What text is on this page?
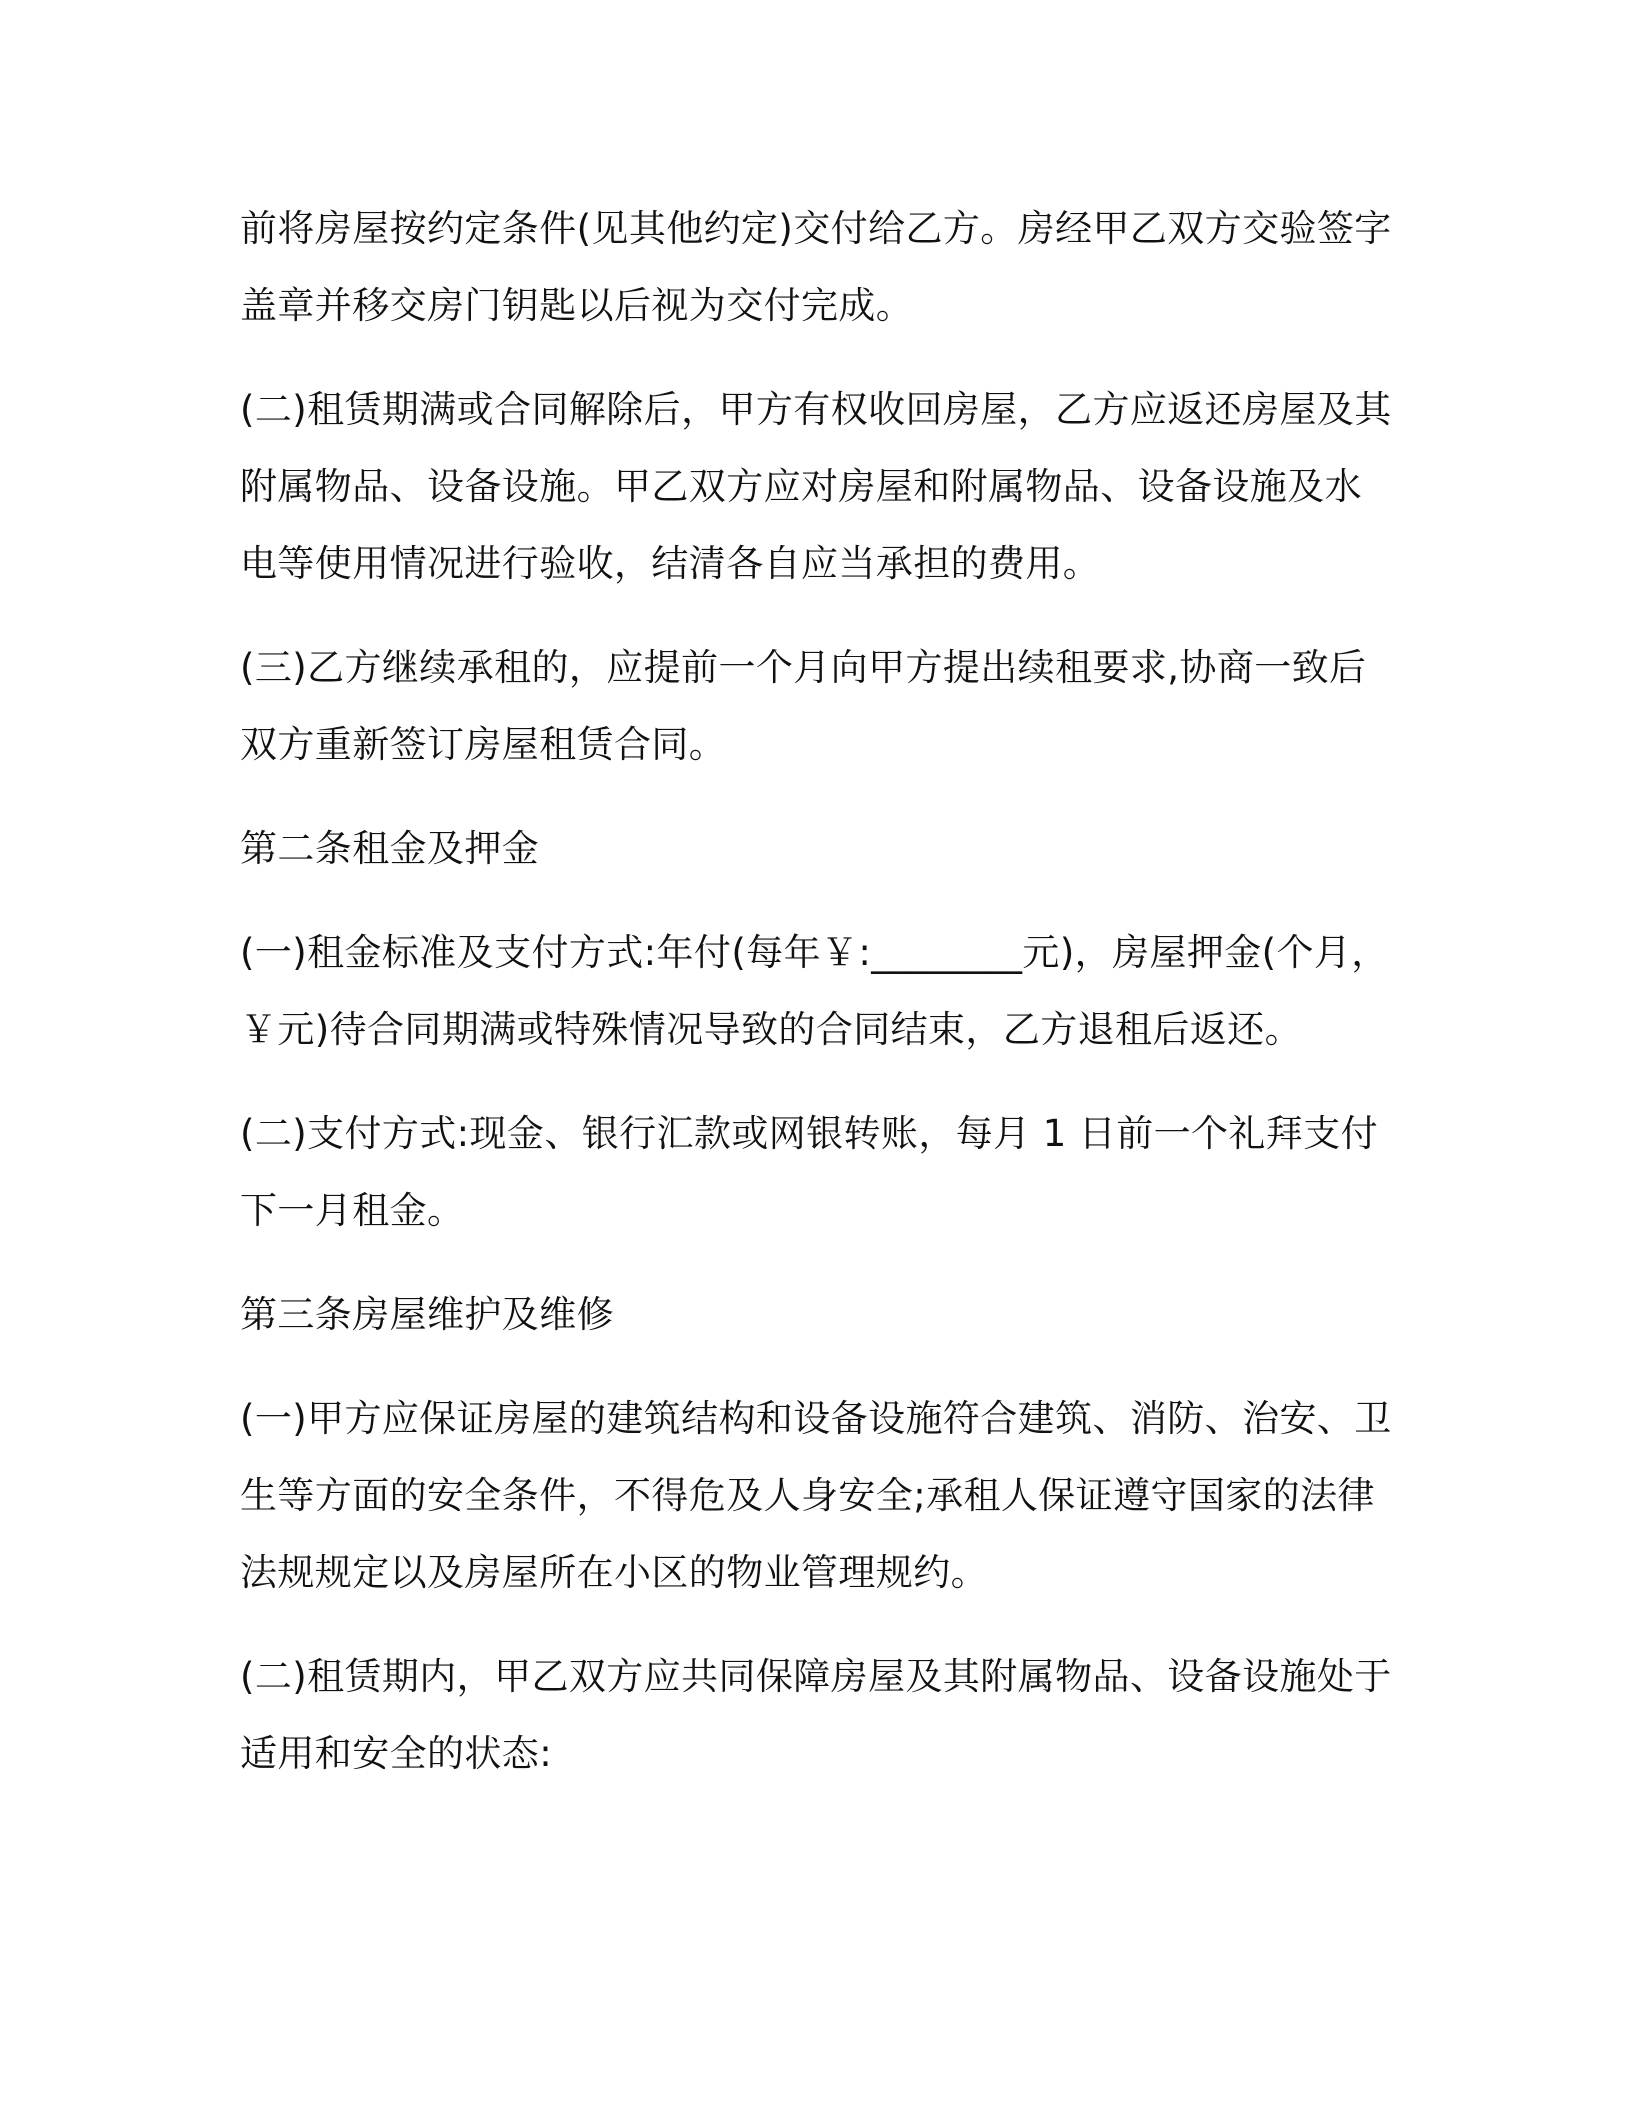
前将房屋按约定条件(见其他约定)交付给乙方。房经甲乙双方交验签字
盖章并移交房门钥匙以后视为交付完成。

(二)租赁期满或合同解除后，甲方有权收回房屋，乙方应返还房屋及其
附属物品、设备设施。甲乙双方应对房屋和附属物品、设备设施及水
电等使用情况进行验收，结清各自应当承担的费用。

(三)乙方继续承租的，应提前一个月向甲方提出续租要求,协商一致后
双方重新签订房屋租赁合同。

第二条租金及押金

(一)租金标准及支付方式:年付(每年￥:________元)，房屋押金(个月，
￥元)待合同期满或特殊情况导致的合同结束，乙方退租后返还。

(二)支付方式:现金、银行汇款或网银转账，每月 1 日前一个礼拜支付
下一月租金。

第三条房屋维护及维修

(一)甲方应保证房屋的建筑结构和设备设施符合建筑、消防、治安、卫
生等方面的安全条件，不得危及人身安全;承租人保证遵守国家的法律
法规规定以及房屋所在小区的物业管理规约。

(二)租赁期内，甲乙双方应共同保障房屋及其附属物品、设备设施处于
适用和安全的状态:
